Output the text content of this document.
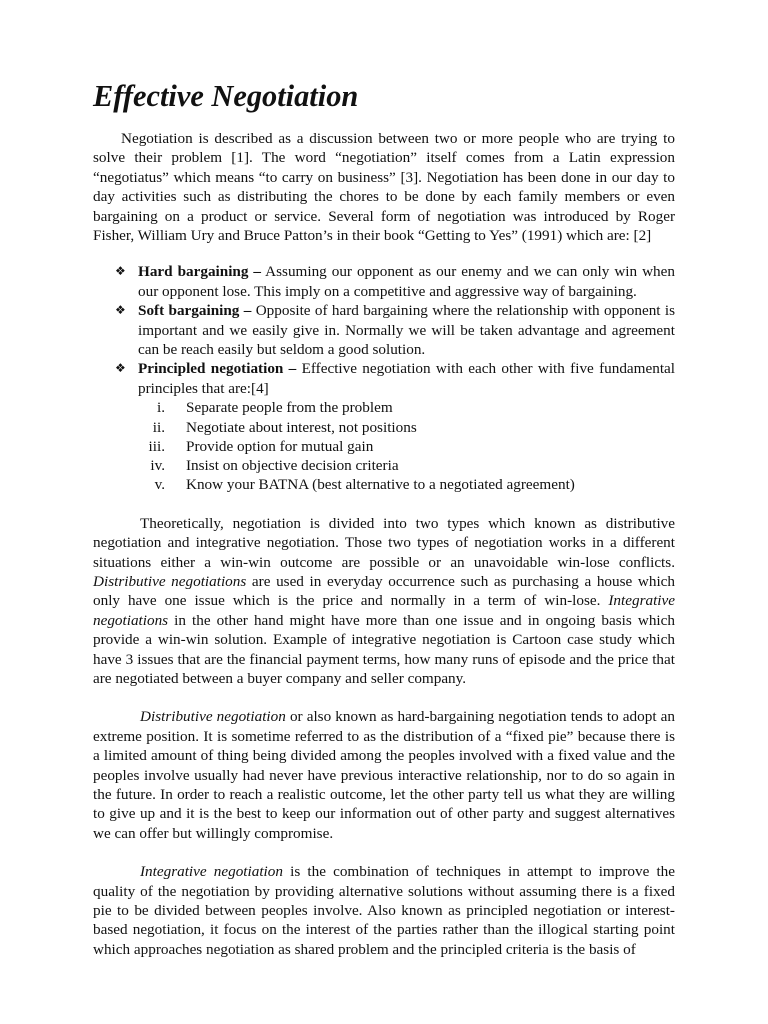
Effective Negotiation

Negotiation is described as a discussion between two or more people who are trying to solve their problem [1]. The word “negotiation” itself comes from a Latin expression “negotiatus” which means “to carry on business” [3]. Negotiation has been done in our day to day activities such as distributing the chores to be done by each family members or even bargaining on a product or service. Several form of negotiation was introduced by Roger Fisher, William Ury and Bruce Patton’s in their book “Getting to Yes” (1991) which are: [2]

❖ Hard bargaining – Assuming our opponent as our enemy and we can only win when our opponent lose. This imply on a competitive and aggressive way of bargaining.
❖ Soft bargaining – Opposite of hard bargaining where the relationship with opponent is important and we easily give in. Normally we will be taken advantage and agreement can be reach easily but seldom a good solution.
❖ Principled negotiation – Effective negotiation with each other with five fundamental principles that are:[4]
i. Separate people from the problem
ii. Negotiate about interest, not positions
iii. Provide option for mutual gain
iv. Insist on objective decision criteria
v. Know your BATNA (best alternative to a negotiated agreement)

Theoretically, negotiation is divided into two types which known as distributive negotiation and integrative negotiation. Those two types of negotiation works in a different situations either a win-win outcome are possible or an unavoidable win-lose conflicts. Distributive negotiations are used in everyday occurrence such as purchasing a house which only have one issue which is the price and normally in a term of win-lose. Integrative negotiations in the other hand might have more than one issue and in ongoing basis which provide a win-win solution. Example of integrative negotiation is Cartoon case study which have 3 issues that are the financial payment terms, how many runs of episode and the price that are negotiated between a buyer company and seller company.

Distributive negotiation or also known as hard-bargaining negotiation tends to adopt an extreme position. It is sometime referred to as the distribution of a “fixed pie” because there is a limited amount of thing being divided among the peoples involved with a fixed value and the peoples involve usually had never have previous interactive relationship, nor to do so again in the future. In order to reach a realistic outcome, let the other party tell us what they are willing to give up and it is the best to keep our information out of other party and suggest alternatives we can offer but willingly compromise.

Integrative negotiation is the combination of techniques in attempt to improve the quality of the negotiation by providing alternative solutions without assuming there is a fixed pie to be divided between peoples involve. Also known as principled negotiation or interest-based negotiation, it focus on the interest of the parties rather than the illogical starting point which approaches negotiation as shared problem and the principled criteria is the basis of
